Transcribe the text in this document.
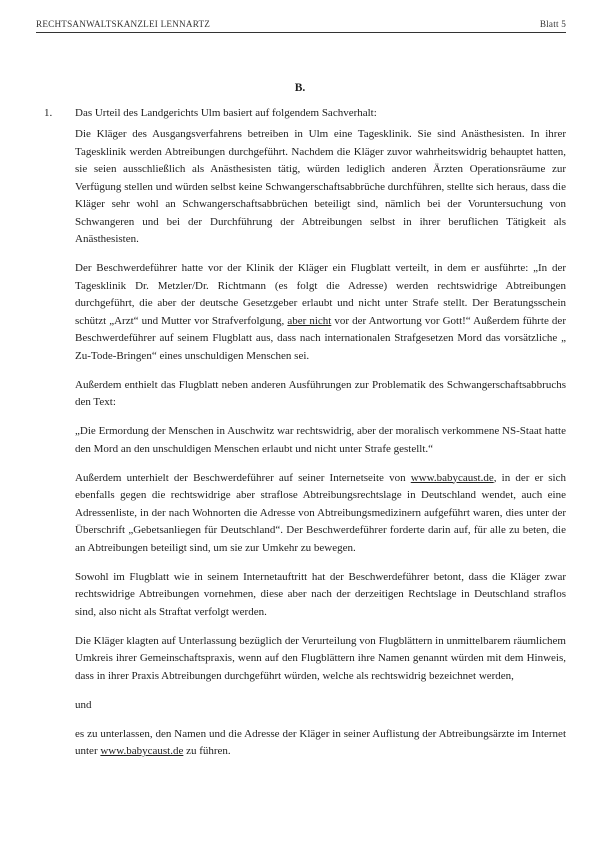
RECHTSANWALTSKANZLEI LENNARTZ	Blatt 5
B.
1. Das Urteil des Landgerichts Ulm basiert auf folgendem Sachverhalt:

Die Kläger des Ausgangsverfahrens betreiben in Ulm eine Tagesklinik. Sie sind Anästhesisten. In ihrer Tagesklinik werden Abtreibungen durchgeführt. Nachdem die Kläger zuvor wahrheitswidrig behauptet hatten, sie seien ausschließlich als Anästhesisten tätig, würden lediglich anderen Ärzten Operationsräume zur Verfügung stellen und würden selbst keine Schwangerschaftsabbrüche durchführen, stellte sich heraus, dass die Kläger sehr wohl an Schwangerschaftsabbrüchen beteiligt sind, nämlich bei der Voruntersuchung von Schwangeren und bei der Durchführung der Abtreibungen selbst in ihrer beruflichen Tätigkeit als Anästhesisten.

Der Beschwerdeführer hatte vor der Klinik der Kläger ein Flugblatt verteilt, in dem er ausführte: „In der Tagesklinik Dr. Metzler/Dr. Richtmann (es folgt die Adresse) werden rechtswidrige Abtreibungen durchgeführt, die aber der deutsche Gesetzgeber erlaubt und nicht unter Strafe stellt. Der Beratungsschein schützt „Arzt“ und Mutter vor Strafverfolgung, aber nicht vor der Antwortung vor Gott!“ Außerdem führte der Beschwerdeführer auf seinem Flugblatt aus, dass nach internationalen Strafgesetzen Mord das vorsätzliche „ Zu-Tode-Bringen“ eines unschuldigen Menschen sei.

Außerdem enthielt das Flugblatt neben anderen Ausführungen zur Problematik des Schwangerschaftsabbruchs den Text:

„Die Ermordung der Menschen in Auschwitz war rechtswidrig, aber der moralisch verkommene NS-Staat hatte den Mord an den unschuldigen Menschen erlaubt und nicht unter Strafe gestellt.“

Außerdem unterhielt der Beschwerdeführer auf seiner Internetseite von www.babycaust.de, in der er sich ebenfalls gegen die rechtswidrige aber straflose Abtreibungsrechtslage in Deutschland wendet, auch eine Adressenliste, in der nach Wohnorten die Adresse von Abtreibungsmedizinern aufgeführt waren, dies unter der Überschrift „Gebetsanliegen für Deutschland“. Der Beschwerdeführer forderte darin auf, für alle zu beten, die an Abtreibungen beteiligt sind, um sie zur Umkehr zu bewegen.

Sowohl im Flugblatt wie in seinem Internetauftritt hat der Beschwerdeführer betont, dass die Kläger zwar rechtswidrige Abtreibungen vornehmen, diese aber nach der derzeitigen Rechtslage in Deutschland straflos sind, also nicht als Straftat verfolgt werden.

Die Kläger klagten auf Unterlassung bezüglich der Verurteilung von Flugblättern in unmittelbarem räumlichem Umkreis ihrer Gemeinschaftspraxis, wenn auf den Flugblättern ihre Namen genannt würden mit dem Hinweis, dass in ihrer Praxis Abtreibungen durchgeführt würden, welche als rechtswidrig bezeichnet werden,

und

es zu unterlassen, den Namen und die Adresse der Kläger in seiner Auflistung der Abtreibungsärzte im Internet unter www.babycaust.de zu führen.
